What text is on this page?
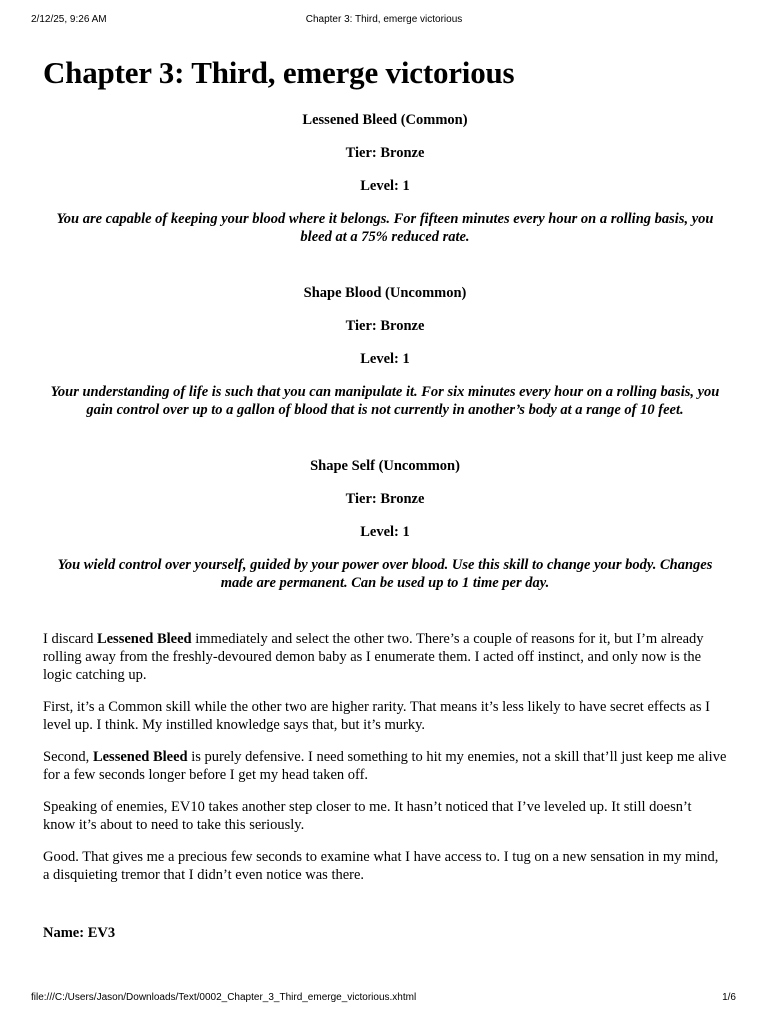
2/12/25, 9:26 AM	Chapter 3: Third, emerge victorious
Chapter 3: Third, emerge victorious

Lessened Bleed (Common)

Tier: Bronze

Level: 1

You are capable of keeping your blood where it belongs. For fifteen minutes every hour on a rolling basis, you bleed at a 75% reduced rate.

Shape Blood (Uncommon)

Tier: Bronze

Level: 1

Your understanding of life is such that you can manipulate it. For six minutes every hour on a rolling basis, you gain control over up to a gallon of blood that is not currently in another’s body at a range of 10 feet.

Shape Self (Uncommon)

Tier: Bronze

Level: 1

You wield control over yourself, guided by your power over blood. Use this skill to change your body. Changes made are permanent. Can be used up to 1 time per day.

I discard Lessened Bleed immediately and select the other two. There’s a couple of reasons for it, but I’m already rolling away from the freshly-devoured demon baby as I enumerate them. I acted off instinct, and only now is the logic catching up.

First, it’s a Common skill while the other two are higher rarity. That means it’s less likely to have secret effects as I level up. I think. My instilled knowledge says that, but it’s murky.

Second, Lessened Bleed is purely defensive. I need something to hit my enemies, not a skill that’ll just keep me alive for a few seconds longer before I get my head taken off.

Speaking of enemies, EV10 takes another step closer to me. It hasn’t noticed that I’ve leveled up. It still doesn’t know it’s about to need to take this seriously.

Good. That gives me a precious few seconds to examine what I have access to. I tug on a new sensation in my mind, a disquieting tremor that I didn’t even notice was there.

Name: EV3
file:///C:/Users/Jason/Downloads/Text/0002_Chapter_3_Third_emerge_victorious.xhtml	1/6
